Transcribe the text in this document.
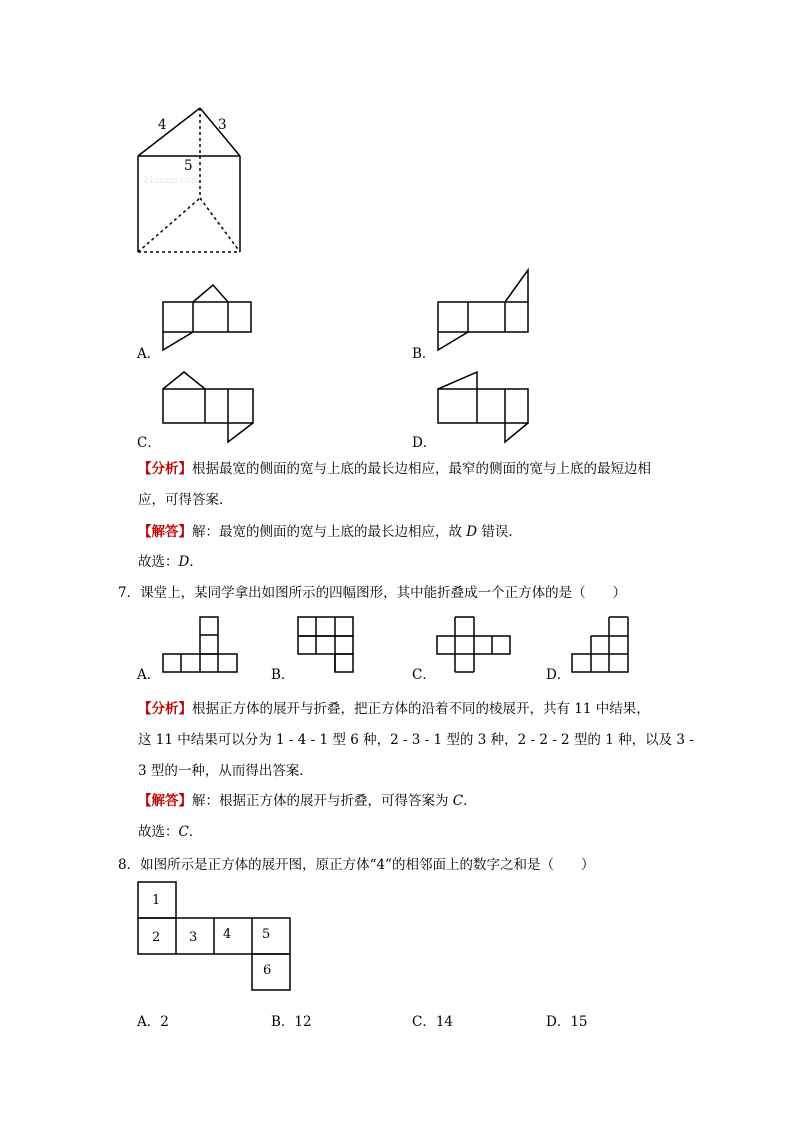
4	3
5
21zzxm.com
A．	B．
C．	D．
【分析】根据最宽的侧面的宽与上底的最长边相应，最窄的侧面的宽与上底的最短边相
应，可得答案．
【解答】解：最宽的侧面的宽与上底的最长边相应，故 D 错误．
故选：D．
7．课堂上，某同学拿出如图所示的四幅图形，其中能折叠成一个正方体的是（　　）
A．	B．	C．	D．
【分析】根据正方体的展开与折叠，把正方体的沿着不同的棱展开，共有 11 中结果，
这 11 中结果可以分为 1 - 4 - 1 型 6 种，2 - 3 - 1 型的 3 种，2 - 2 - 2 型的 1 种，以及 3 -
3 型的一种，从而得出答案．
【解答】解：根据正方体的展开与折叠，可得答案为 C．
故选：C．
8．如图所示是正方体的展开图，原正方体“4”的相邻面上的数字之和是（　　）
1
2 3 4 5
6
A．2	B．12	C．14	D．15
